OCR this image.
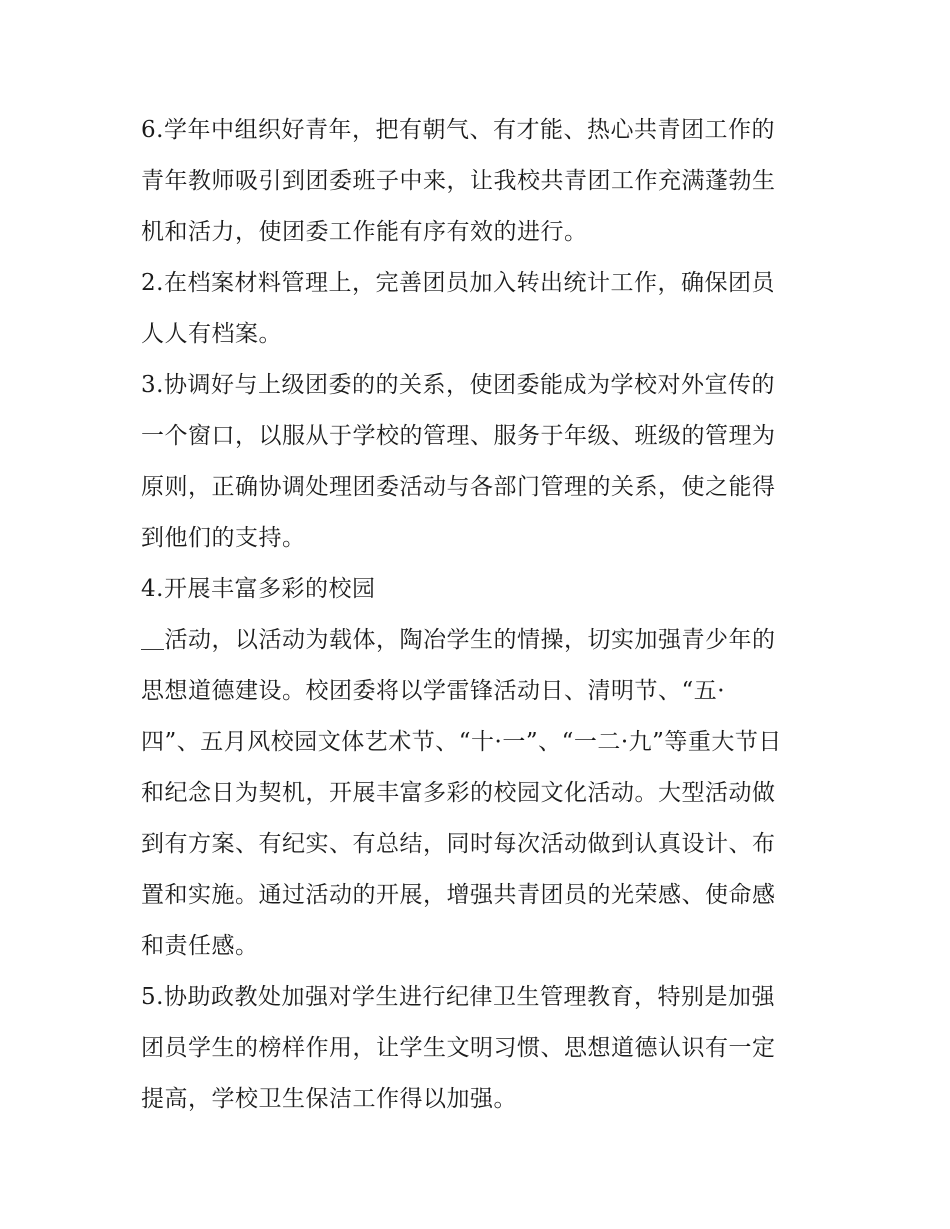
6.学年中组织好青年，把有朝气、有才能、热心共青团工作的
青年教师吸引到团委班子中来，让我校共青团工作充满蓬勃生
机和活力，使团委工作能有序有效的进行。
2.在档案材料管理上，完善团员加入转出统计工作，确保团员
人人有档案。
3.协调好与上级团委的的关系，使团委能成为学校对外宣传的
一个窗口，以服从于学校的管理、服务于年级、班级的管理为
原则，正确协调处理团委活动与各部门管理的关系，使之能得
到他们的支持。
4.开展丰富多彩的校园
＿活动，以活动为载体，陶冶学生的情操，切实加强青少年的
思想道德建设。校团委将以学雷锋活动日、清明节、“五·
四”、五月风校园文体艺术节、“十·一”、“一二·九”等重大节日
和纪念日为契机，开展丰富多彩的校园文化活动。大型活动做
到有方案、有纪实、有总结，同时每次活动做到认真设计、布
置和实施。通过活动的开展，增强共青团员的光荣感、使命感
和责任感。
5.协助政教处加强对学生进行纪律卫生管理教育，特别是加强
团员学生的榜样作用，让学生文明习惯、思想道德认识有一定
提高，学校卫生保洁工作得以加强。
